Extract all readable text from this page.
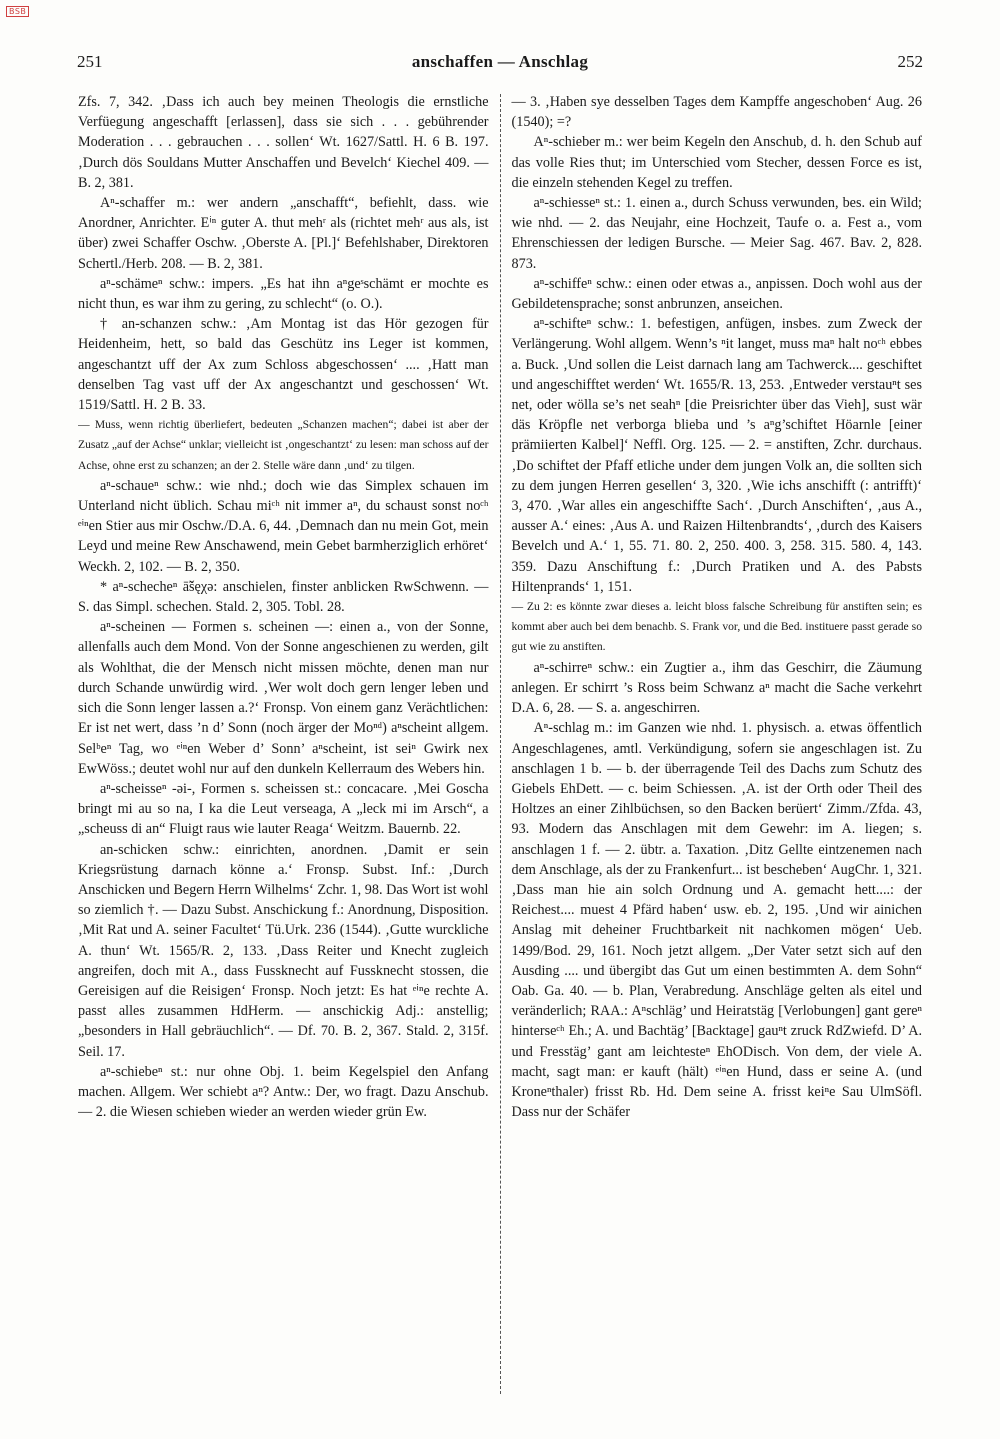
BSB
251	anschaffen — Anschlag	252

Zfs. 7, 342. ‚Dass ich auch bey meinen Theologis die ernstliche Verfüegung angeschafft [erlassen], dass sie sich . . . gebührender Moderation . . . gebrauchen . . . sollen‘ Wt. 1627/Sattl. H. 6 B. 197. ‚Durch dös Souldans Mutter Anschaffen und Bevelch‘ Kiechel 409. — B. 2, 381.

Aⁿ-schaffer m.: wer andern „anschafft“, befiehlt, dass. wie Anordner, Anrichter. Eⁱⁿ guter A. thut mehʳ als (richtet mehʳ aus als, ist über) zwei Schaffer Oschw. ‚Oberste A. [Pl.]‘ Befehlshaber, Direktoren Schertl./Herb. 208. — B. 2, 381.

aⁿ-schämeⁿ schw.: impers. „Es hat ihn aⁿgeˢschämt er mochte es nicht thun, es war ihm zu gering, zu schlecht“ (o. O.).

† an-schanzen schw.: ‚Am Montag ist das Hör gezogen für Heidenheim, hett, so bald das Geschütz ins Leger ist kommen, angeschantzt uff der Ax zum Schloss abgeschossen‘ .... ‚Hatt man denselben Tag vast uff der Ax angeschantzt und geschossen‘ Wt. 1519/Sattl. H. 2 B. 33.

— Muss, wenn richtig überliefert, bedeuten „Schanzen machen“; dabei ist aber der Zusatz „auf der Achse“ unklar; vielleicht ist ‚ongeschantzt‘ zu lesen: man schoss auf der Achse, ohne erst zu schanzen; an der 2. Stelle wäre dann ‚und‘ zu tilgen.

aⁿ-schaueⁿ schw.: wie nhd.; doch wie das Simplex schauen im Unterland nicht üblich. Schau miᶜʰ nit immer aⁿ, du schaust sonst noᶜʰ ᵉⁱⁿen Stier aus mir Oschw./D.A. 6, 44. ‚Demnach dan nu mein Got, mein Leyd und meine Rew Anschawend, mein Gebet barmherziglich erhöret‘ Weckh. 2, 102. — B. 2, 350.

* aⁿ-schecheⁿ ā̃šęχə: anschielen, finster anblicken RwSchwenn. — S. das Simpl. schechen. Stald. 2, 305. Tobl. 28.

aⁿ-scheinen — Formen s. scheinen —: einen a., von der Sonne, allenfalls auch dem Mond. Von der Sonne angeschienen zu werden, gilt als Wohlthat, die der Mensch nicht missen möchte, denen man nur durch Schande unwürdig wird. ‚Wer wolt doch gern lenger leben und sich die Sonn lenger lassen a.?‘ Fronsp. Von einem ganz Verächtlichen: Er ist net wert, dass ’n d’ Sonn (noch ärger der Moⁿᵈ) aⁿscheint allgem. Selᵇeⁿ Tag, wo ᵉⁱⁿen Weber d’ Sonn’ aⁿscheint, ist seiⁿ Gwirk nex EwWöss.; deutet wohl nur auf den dunkeln Kellerraum des Webers hin.

aⁿ-scheisseⁿ -əi-, Formen s. scheissen st.: concacare. ‚Mei Goscha bringt mi au so na, I ka die Leut verseaga, A „leck mi im Arsch“, a „scheuss di an“ Fluigt raus wie lauter Reaga‘ Weitzm. Bauernb. 22.

an-schicken schw.: einrichten, anordnen. ‚Damit er sein Kriegsrüstung darnach könne a.‘ Fronsp. Subst. Inf.: ‚Durch Anschicken und Begern Herrn Wilhelms‘ Zchr. 1, 98. Das Wort ist wohl so ziemlich †. — Dazu Subst. Anschickung f.: Anordnung, Disposition. ‚Mit Rat und A. seiner Facultet‘ Tü.Urk. 236 (1544). ‚Gutte wurckliche A. thun‘ Wt. 1565/R. 2, 133. ‚Dass Reiter und Knecht zugleich angreifen, doch mit A., dass Fussknecht auf Fussknecht stossen, die Gereisigen auf die Reisigen‘ Fronsp. Noch jetzt: Es hat ᵉⁱⁿe rechte A. passt alles zusammen HdHerm. — anschickig Adj.: anstellig; „besonders in Hall gebräuchlich“. — Df. 70. B. 2, 367. Stald. 2, 315f. Seil. 17.

aⁿ-schiebeⁿ st.: nur ohne Obj. 1. beim Kegelspiel den Anfang machen. Allgem. Wer schiebt aⁿ? Antw.: Der, wo fragt. Dazu Anschub. — 2. die Wiesen schieben wieder an werden wieder grün Ew.

— 3. ‚Haben sye desselben Tages dem Kampffe angeschoben‘ Aug. 26 (1540); =?

Aⁿ-schieber m.: wer beim Kegeln den Anschub, d. h. den Schub auf das volle Ries thut; im Unterschied vom Stecher, dessen Force es ist, die einzeln stehenden Kegel zu treffen.

aⁿ-schiesseⁿ st.: 1. einen a., durch Schuss verwunden, bes. ein Wild; wie nhd. — 2. das Neujahr, eine Hochzeit, Taufe o. a. Fest a., vom Ehrenschiessen der ledigen Bursche. — Meier Sag. 467. Bav. 2, 828. 873.

aⁿ-schiffeⁿ schw.: einen oder etwas a., anpissen. Doch wohl aus der Gebildetensprache; sonst anbrunzen, anseichen.

aⁿ-schifteⁿ schw.: 1. befestigen, anfügen, insbes. zum Zweck der Verlängerung. Wohl allgem. Wenn’s ⁿit langet, muss maⁿ halt noᶜʰ ebbes a. Buck. ‚Und sollen die Leist darnach lang am Tachwerck.... geschiftet und angeschifftet werden‘ Wt. 1655/R. 13, 253. ‚Entweder verstauⁿt ses net, oder wölla se’s net seahⁿ [die Preisrichter über das Vieh], sust wär däs Kröpfle net verborga blieba und ’s aⁿg’schiftet Höarnle [einer prämiierten Kalbel]‘ Neffl. Org. 125. — 2. = anstiften, Zchr. durchaus. ‚Do schiftet der Pfaff etliche under dem jungen Volk an, die sollten sich zu dem jungen Herren gesellen‘ 3, 320. ‚Wie ichs anschifft (: antrifft)‘ 3, 470. ‚War alles ein angeschiffte Sach‘. ‚Durch Anschiften‘, ‚aus A., ausser A.‘ eines: ‚Aus A. und Raizen Hiltenbrandts‘, ‚durch des Kaisers Bevelch und A.‘ 1, 55. 71. 80. 2, 250. 400. 3, 258. 315. 580. 4, 143. 359. Dazu Anschiftung f.: ‚Durch Pratiken und A. des Pabsts Hiltenprands‘ 1, 151.

— Zu 2: es könnte zwar dieses a. leicht bloss falsche Schreibung für anstiften sein; es kommt aber auch bei dem benachb. S. Frank vor, und die Bed. instituere passt gerade so gut wie zu anstiften.

aⁿ-schirreⁿ schw.: ein Zugtier a., ihm das Geschirr, die Zäumung anlegen. Er schirrt ’s Ross beim Schwanz aⁿ macht die Sache verkehrt D.A. 6, 28. — S. a. angeschirren.

Aⁿ-schlag m.: im Ganzen wie nhd. 1. physisch. a. etwas öffentlich Angeschlagenes, amtl. Verkündigung, sofern sie angeschlagen ist. Zu anschlagen 1 b. — b. der überragende Teil des Dachs zum Schutz des Giebels EhDett. — c. beim Schiessen. ‚A. ist der Orth oder Theil des Holtzes an einer Zihlbüchsen, so den Backen berüert‘ Zimm./Zfda. 43, 93. Modern das Anschlagen mit dem Gewehr: im A. liegen; s. anschlagen 1 f. — 2. übtr. a. Taxation. ‚Ditz Gellte eintzenemen nach dem Anschlage, als der zu Frankenfurt... ist bescheben‘ AugChr. 1, 321. ‚Dass man hie ain solch Ordnung und A. gemacht hett....: der Reichest.... muest 4 Pfärd haben‘ usw. eb. 2, 195. ‚Und wir ainichen Anslag mit deheiner Fruchtbarkeit nit nachkomen mögen‘ Ueb. 1499/Bod. 29, 161. Noch jetzt allgem. „Der Vater setzt sich auf den Ausding .... und übergibt das Gut um einen bestimmten A. dem Sohn“ Oab. Ga. 40. — b. Plan, Verabredung. Anschläge gelten als eitel und veränderlich; RAA.: Aⁿschläg’ und Heiratstäg [Verlobungen] gant gereⁿ hinterseᶜʰ Eh.; A. und Bachtäg’ [Backtage] gauⁿt zruck RdZwiefd. D’ A. und Fresstäg’ gant am leichtesteⁿ EhODisch. Von dem, der viele A. macht, sagt man: er kauft (hält) ᵉⁱⁿen Hund, dass er seine A. (und Kroneⁿthaler) frisst Rb. Hd. Dem seine A. frisst keiⁿe Sau UlmSöfl. Dass nur der Schäfer
